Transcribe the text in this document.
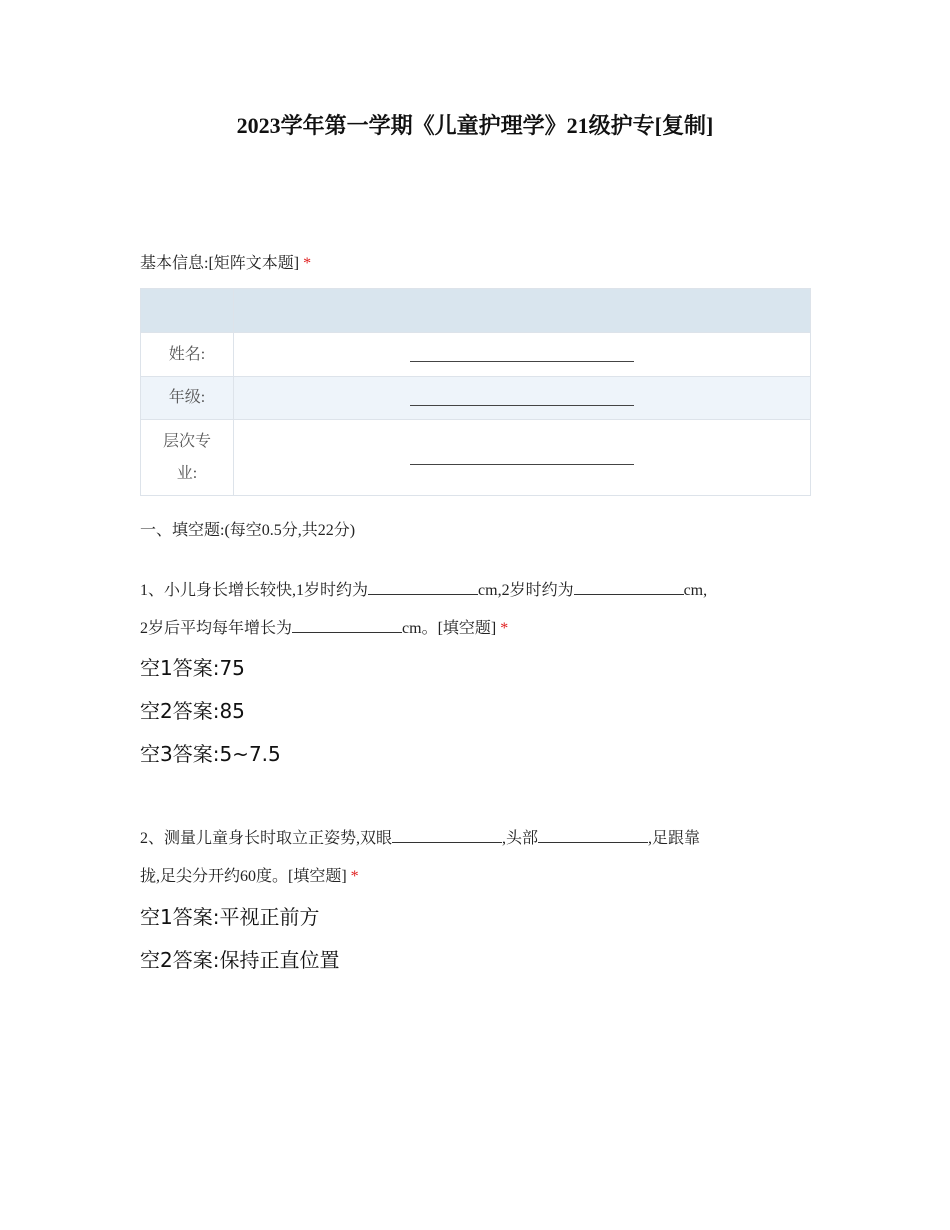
2023学年第一学期《儿童护理学》21级护专[复制]
基本信息:[矩阵文本题] *

姓名:	
年级:	

层次专
业:	

一、填空题:(每空0.5分,共22分)
1、小儿身长增长较快,1岁时约为	cm,2岁时约为	cm,
2岁后平均每年增长为	cm。[填空题] *
空1答案:75
空2答案:85
空3答案:5~7.5
2、测量儿童身长时取立正姿势,双眼	,头部	,足跟靠
拢,足尖分开约60度。[填空题] *
空1答案:平视正前方
空2答案:保持正直位置
